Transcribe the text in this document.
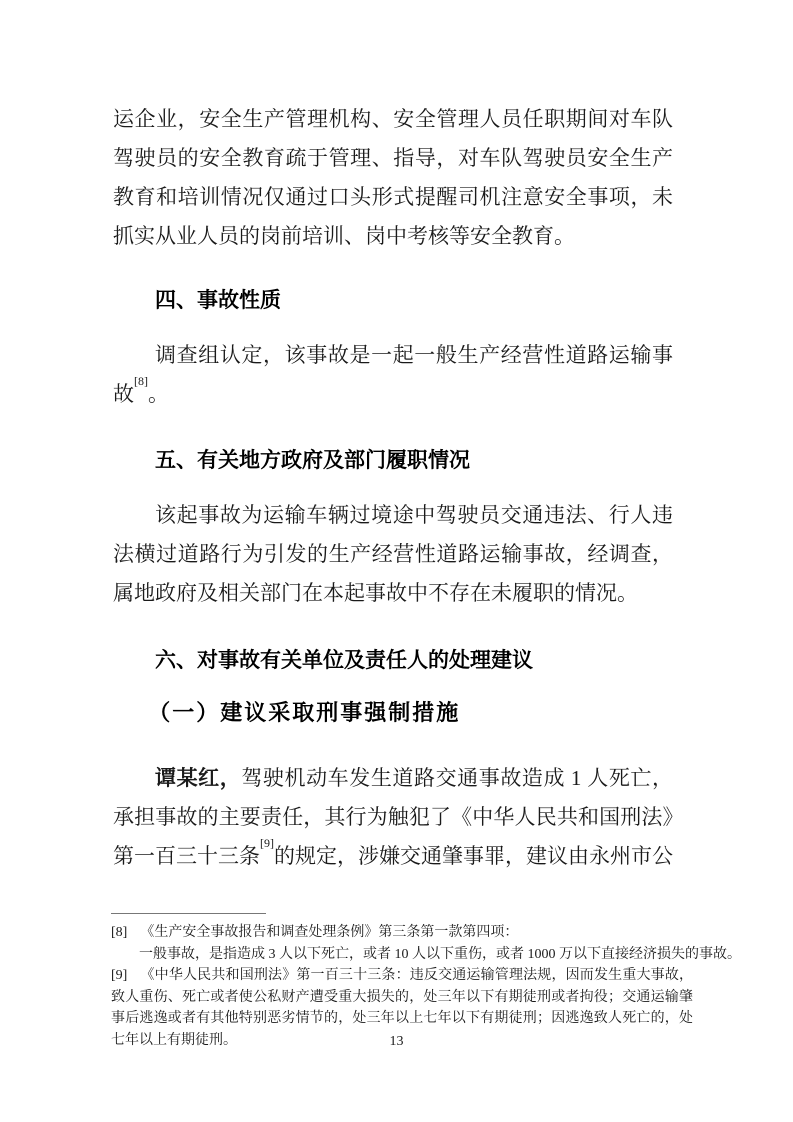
运企业，安全生产管理机构、安全管理人员任职期间对车队驾驶员的安全教育疏于管理、指导，对车队驾驶员安全生产教育和培训情况仅通过口头形式提醒司机注意安全事项，未抓实从业人员的岗前培训、岗中考核等安全教育。

四、事故性质

调查组认定，该事故是一起一般生产经营性道路运输事故[8]。

五、有关地方政府及部门履职情况

该起事故为运输车辆过境途中驾驶员交通违法、行人违法横过道路行为引发的生产经营性道路运输事故，经调查，属地政府及相关部门在本起事故中不存在未履职的情况。

六、对事故有关单位及责任人的处理建议
（一）建议采取刑事强制措施

谭某红，驾驶机动车发生道路交通事故造成 1 人死亡，承担事故的主要责任，其行为触犯了《中华人民共和国刑法》第一百三十三条[9]的规定，涉嫌交通肇事罪，建议由永州市公

[8] 《生产安全事故报告和调查处理条例》第三条第一款第四项：

一般事故，是指造成 3 人以下死亡，或者 10 人以下重伤，或者 1000 万以下直接经济损失的事故。

[9] 《中华人民共和国刑法》第一百三十三条：违反交通运输管理法规，因而发生重大事故，致人重伤、死亡或者使公私财产遭受重大损失的，处三年以下有期徒刑或者拘役；交通运输肇事后逃逸或者有其他特别恶劣情节的，处三年以上七年以下有期徒刑；因逃逸致人死亡的，处七年以上有期徒刑。	13
